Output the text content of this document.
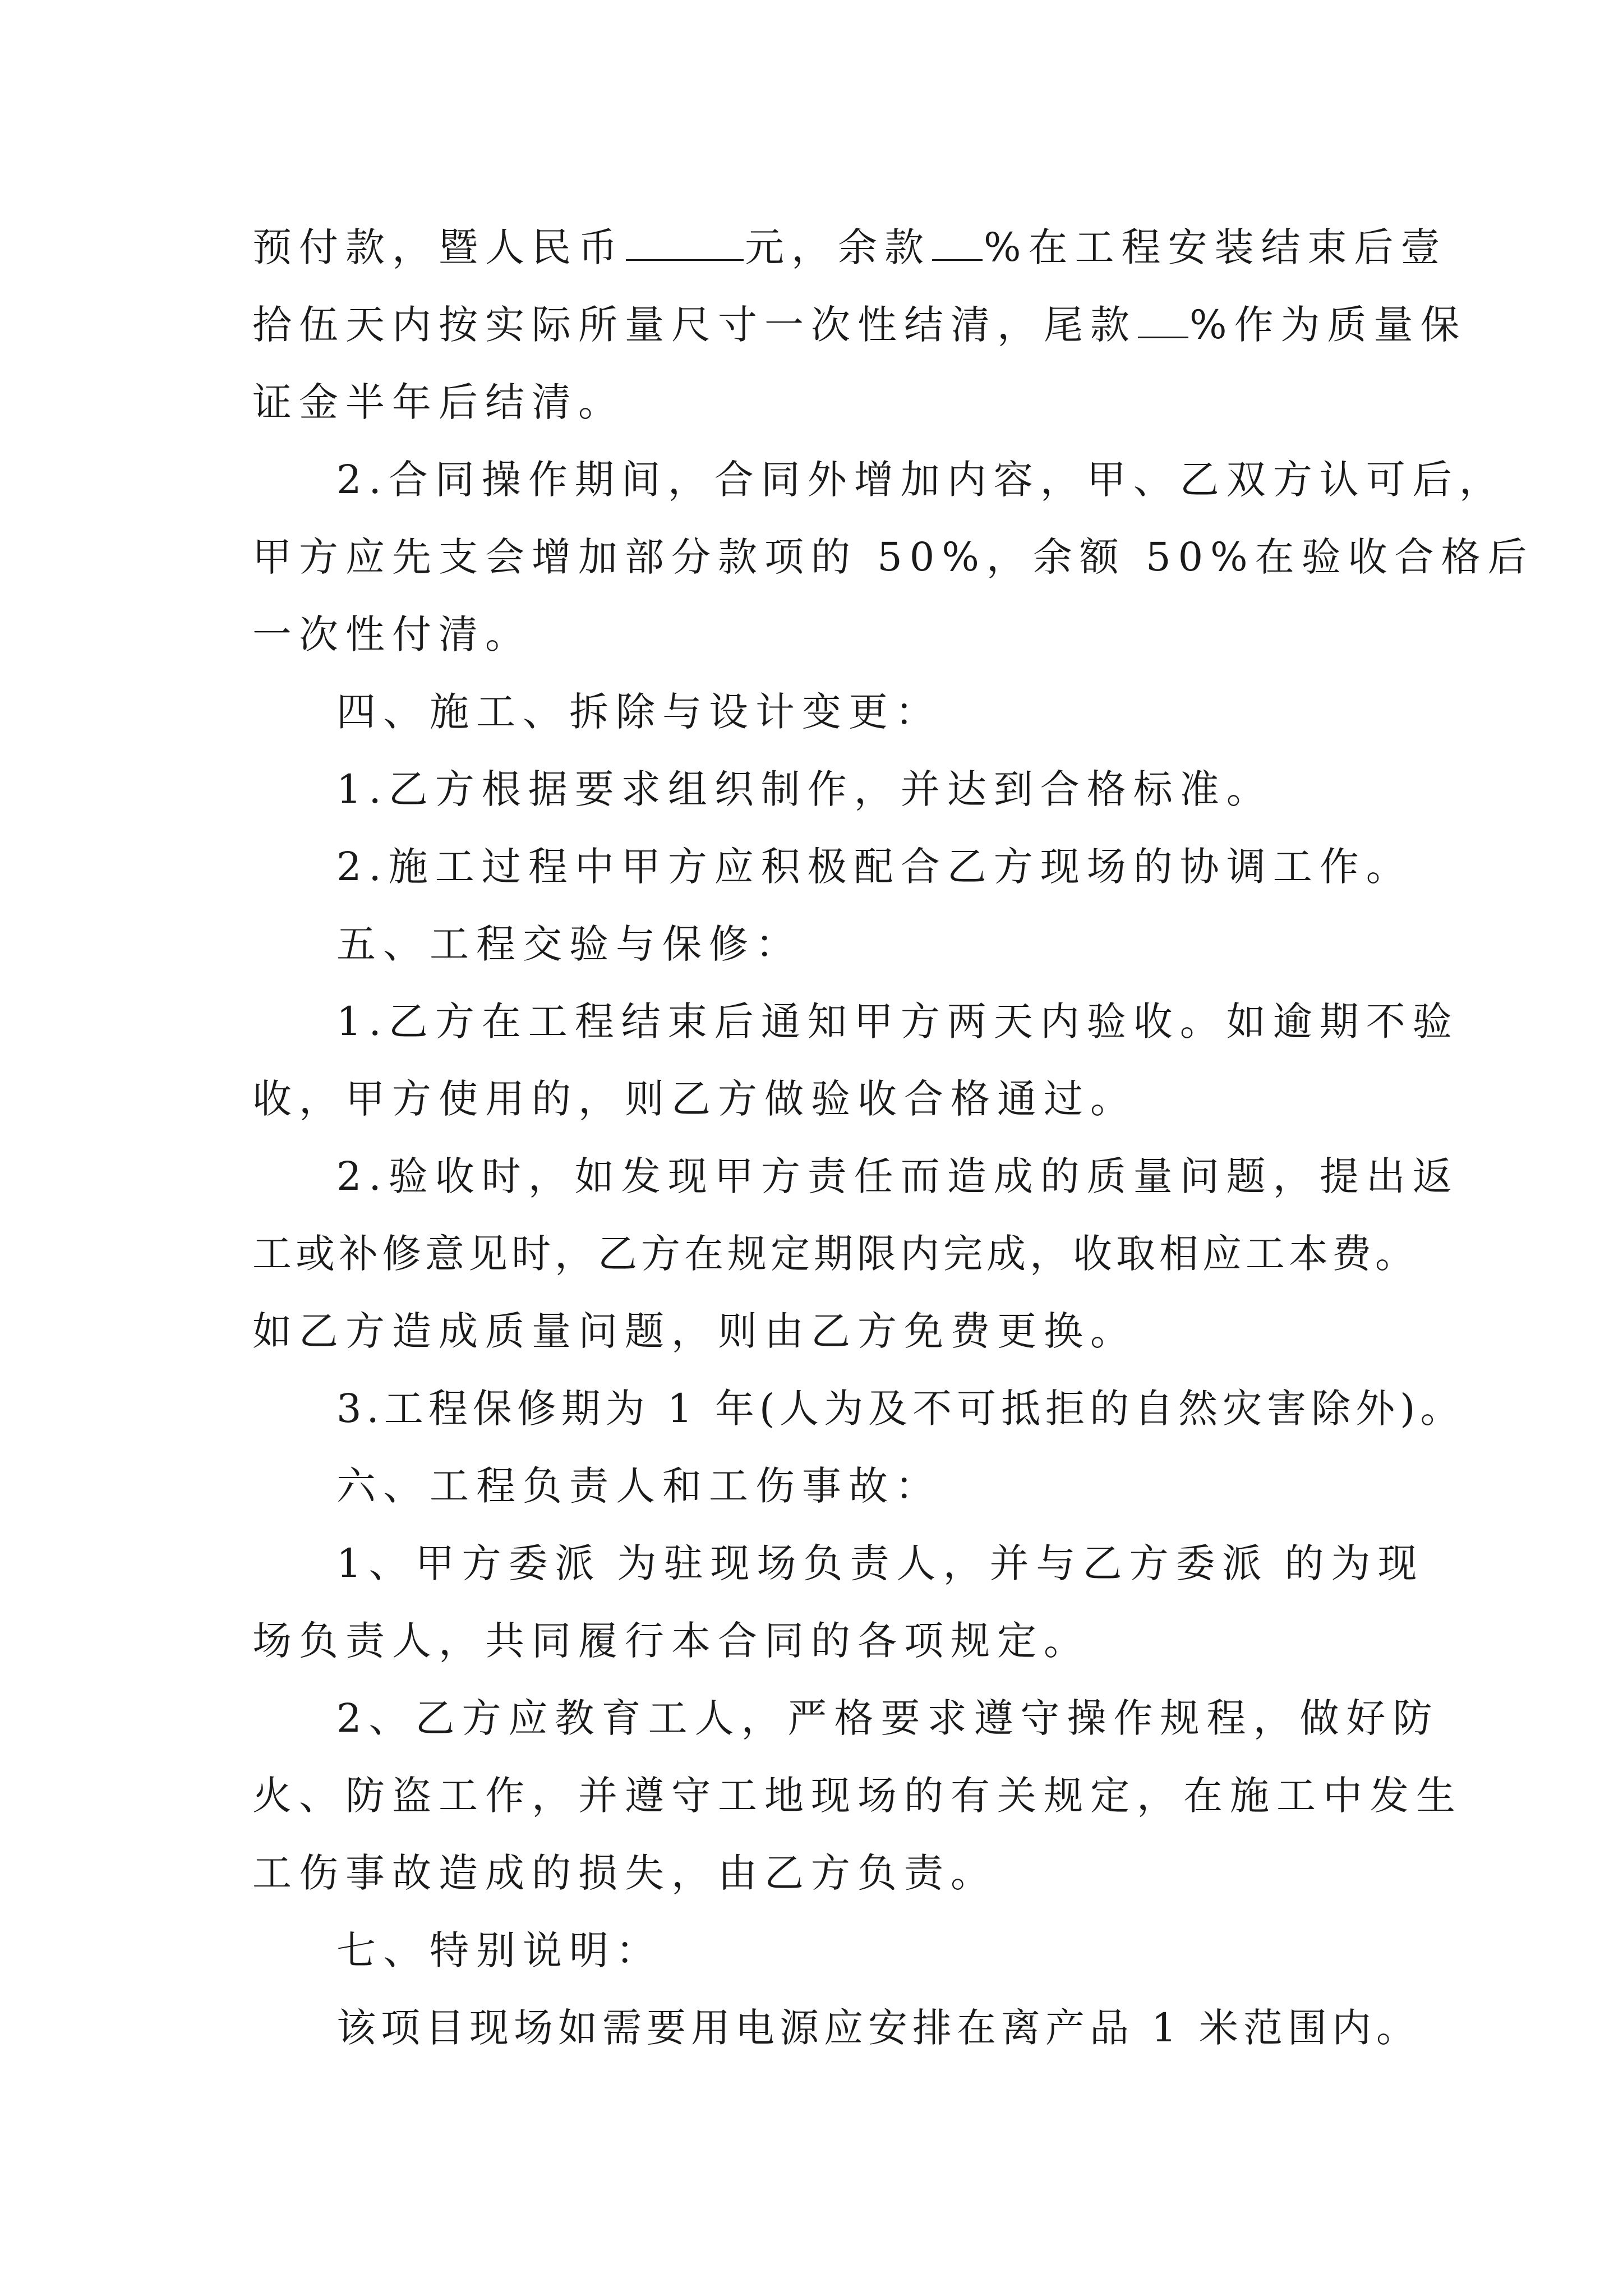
预付款，暨人民币	元，余款 %在工程安装结束后壹
拾伍天内按实际所量尺寸一次性结清，尾款 %作为质量保
证金半年后结清。
2.合同操作期间，合同外增加内容，甲、乙双方认可后，
甲方应先支会增加部分款项的 50%，余额 50%在验收合格后
一次性付清。
四、施工、拆除与设计变更：
1.乙方根据要求组织制作，并达到合格标准。
2.施工过程中甲方应积极配合乙方现场的协调工作。
五、工程交验与保修：
1.乙方在工程结束后通知甲方两天内验收。如逾期不验
收，甲方使用的，则乙方做验收合格通过。
2.验收时，如发现甲方责任而造成的质量问题，提出返
工或补修意见时，乙方在规定期限内完成，收取相应工本费。
如乙方造成质量问题，则由乙方免费更换。
3.工程保修期为 1 年(人为及不可抵拒的自然灾害除外)。
六、工程负责人和工伤事故：
1、甲方委派 为驻现场负责人，并与乙方委派 的为现
场负责人，共同履行本合同的各项规定。
2、乙方应教育工人，严格要求遵守操作规程，做好防
火、防盗工作，并遵守工地现场的有关规定，在施工中发生
工伤事故造成的损失，由乙方负责。
七、特别说明：
该项目现场如需要用电源应安排在离产品 1 米范围内。
